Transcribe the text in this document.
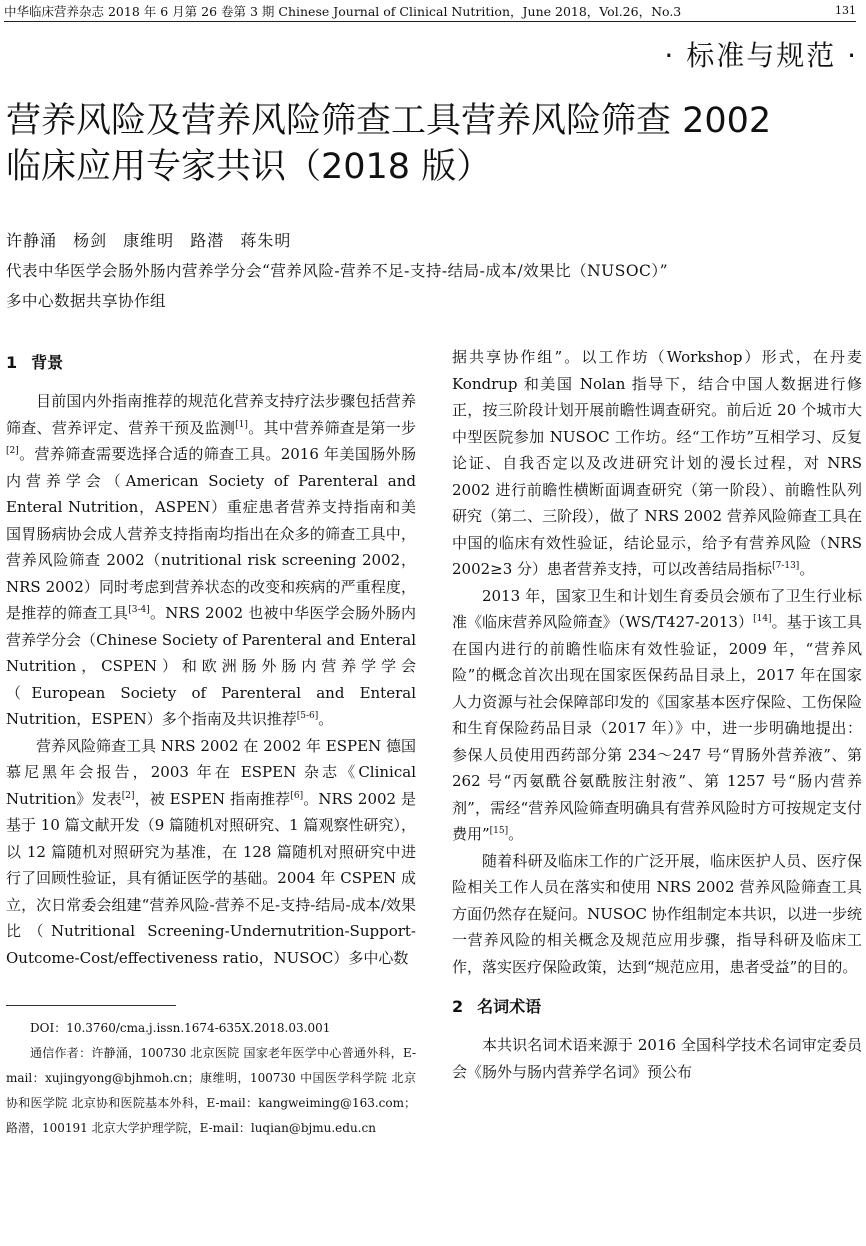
中华临床营养杂志 2018 年 6 月第 26 卷第 3 期 Chinese Journal of Clinical Nutrition，June 2018，Vol.26，No.3	131
· 标准与规范 ·
营养风险及营养风险筛查工具营养风险筛查 2002
临床应用专家共识（2018 版）
许静涌 杨剑 康维明 路潜 蒋朱明
代表中华医学会肠外肠内营养学分会“营养风险-营养不足-支持-结局-成本/效果比（NUSOC）”
多中心数据共享协作组
1 背景

目前国内外指南推荐的规范化营养支持疗法步骤包括营养筛查、营养评定、营养干预及监测[1]。其中营养筛查是第一步[2]。营养筛查需要选择合适的筛查工具。2016 年美国肠外肠内营养学会（American Society of Parenteral and Enteral Nutrition，ASPEN）重症患者营养支持指南和美国胃肠病协会成人营养支持指南均指出在众多的筛查工具中，营养风险筛查 2002（nutritional risk screening 2002，NRS 2002）同时考虑到营养状态的改变和疾病的严重程度，是推荐的筛查工具[3-4]。NRS 2002 也被中华医学会肠外肠内营养学分会（Chinese Society of Parenteral and Enteral Nutrition，CSPEN）和欧洲肠外肠内营养学学会（European Society of Parenteral and Enteral Nutrition，ESPEN）多个指南及共识推荐[5-6]。

营养风险筛查工具 NRS 2002 在 2002 年 ESPEN 德国慕尼黑年会报告，2003 年在 ESPEN 杂志《Clinical Nutrition》发表[2]，被 ESPEN 指南推荐[6]。NRS 2002 是基于 10 篇文献开发（9 篇随机对照研究、1 篇观察性研究），以 12 篇随机对照研究为基准，在 128 篇随机对照研究中进行了回顾性验证，具有循证医学的基础。2004 年 CSPEN 成立，次日常委会组建“营养风险-营养不足-支持-结局-成本/效果比（Nutritional Screening-Undernutrition-Support-Outcome-Cost/effectiveness ratio，NUSOC）多中心数

DOI：10.3760/cma.j.issn.1674-635X.2018.03.001

通信作者：许静涌，100730 北京医院 国家老年医学中心普通外科，E-mail：xujingyong@bjhmoh.cn；康维明，100730 中国医学科学院 北京协和医学院 北京协和医院基本外科，E-mail：kangweiming@163.com；路潜，100191 北京大学护理学院，E-mail：luqian@bjmu.edu.cn

据共享协作组”。以工作坊（Workshop）形式，在丹麦 Kondrup 和美国 Nolan 指导下，结合中国人数据进行修正，按三阶段计划开展前瞻性调查研究。前后近 20 个城市大中型医院参加 NUSOC 工作坊。经“工作坊”互相学习、反复论证、自我否定以及改进研究计划的漫长过程，对 NRS 2002 进行前瞻性横断面调查研究（第一阶段）、前瞻性队列研究（第二、三阶段），做了 NRS 2002 营养风险筛查工具在中国的临床有效性验证，结论显示，给予有营养风险（NRS 2002≥3 分）患者营养支持，可以改善结局指标[7-13]。

2013 年，国家卫生和计划生育委员会颁布了卫生行业标准《临床营养风险筛查》（WS/T427-2013）[14]。基于该工具在国内进行的前瞻性临床有效性验证，2009 年，“营养风险”的概念首次出现在国家医保药品目录上，2017 年在国家人力资源与社会保障部印发的《国家基本医疗保险、工伤保险和生育保险药品目录（2017 年）》中，进一步明确地提出：参保人员使用西药部分第 234～247 号“胃肠外营养液”、第 262 号“丙氨酰谷氨酰胺注射液”、第 1257 号“肠内营养剂”，需经“营养风险筛查明确具有营养风险时方可按规定支付费用”[15]。

随着科研及临床工作的广泛开展，临床医护人员、医疗保险相关工作人员在落实和使用 NRS 2002 营养风险筛查工具方面仍然存在疑问。NUSOC 协作组制定本共识，以进一步统一营养风险的相关概念及规范应用步骤，指导科研及临床工作，落实医疗保险政策，达到“规范应用，患者受益”的目的。

2 名词术语

本共识名词术语来源于 2016 全国科学技术名词审定委员会《肠外与肠内营养学名词》预公布
